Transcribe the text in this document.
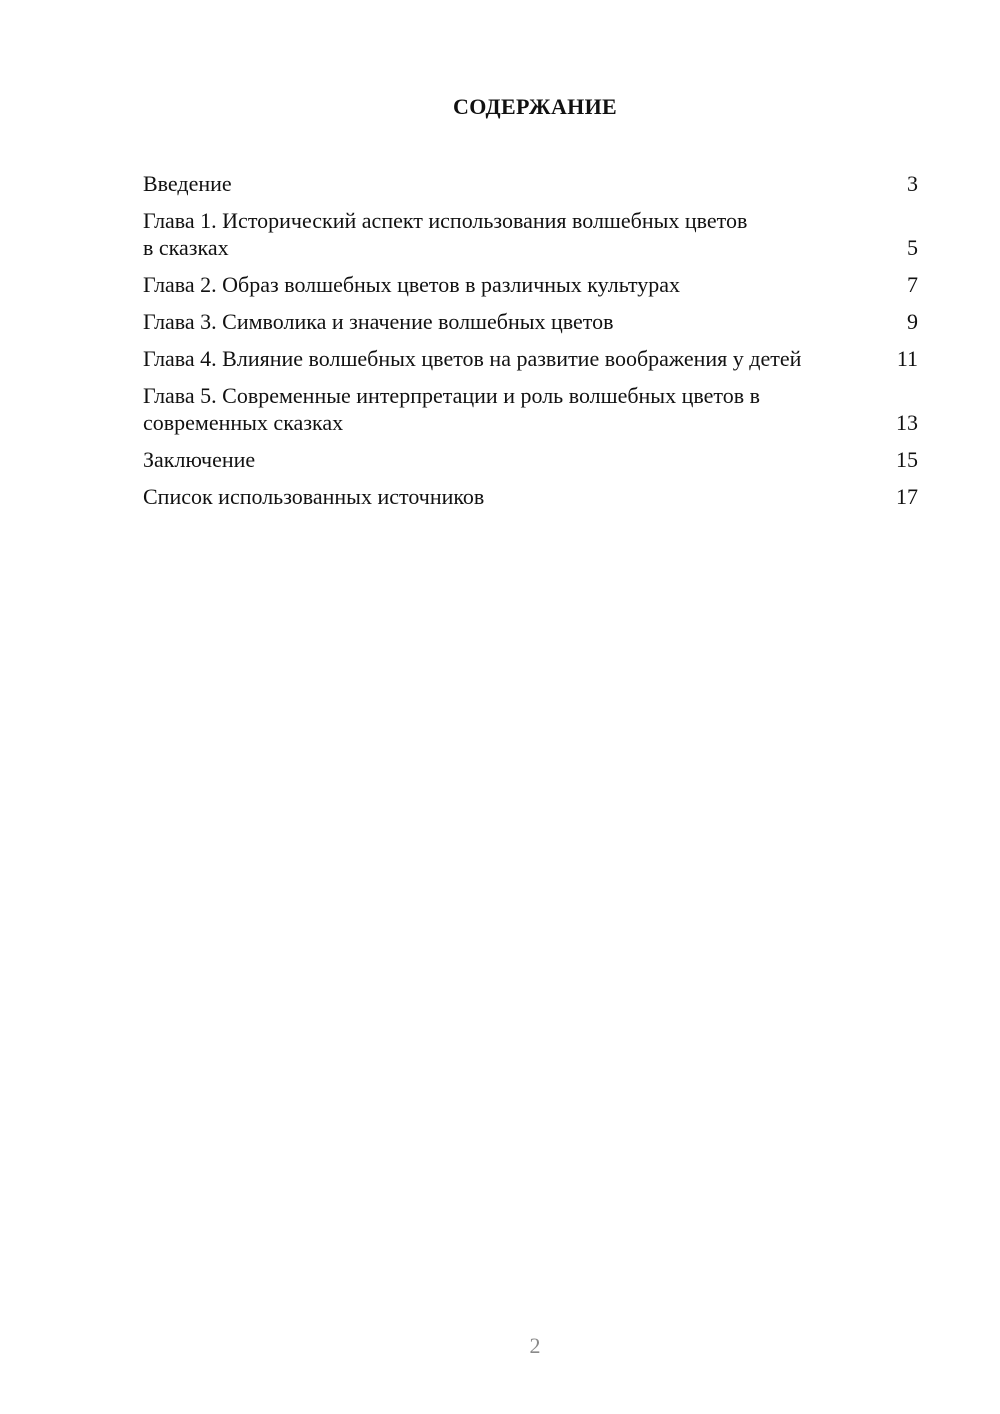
СОДЕРЖАНИЕ
Введение	3
Глава 1. Исторический аспект использования волшебных цветов в сказках	5
Глава 2. Образ волшебных цветов в различных культурах	7
Глава 3. Символика и значение волшебных цветов	9
Глава 4. Влияние волшебных цветов на развитие воображения у детей	11
Глава 5. Современные интерпретации и роль волшебных цветов в современных сказках	13
Заключение	15
Список использованных источников	17
2
